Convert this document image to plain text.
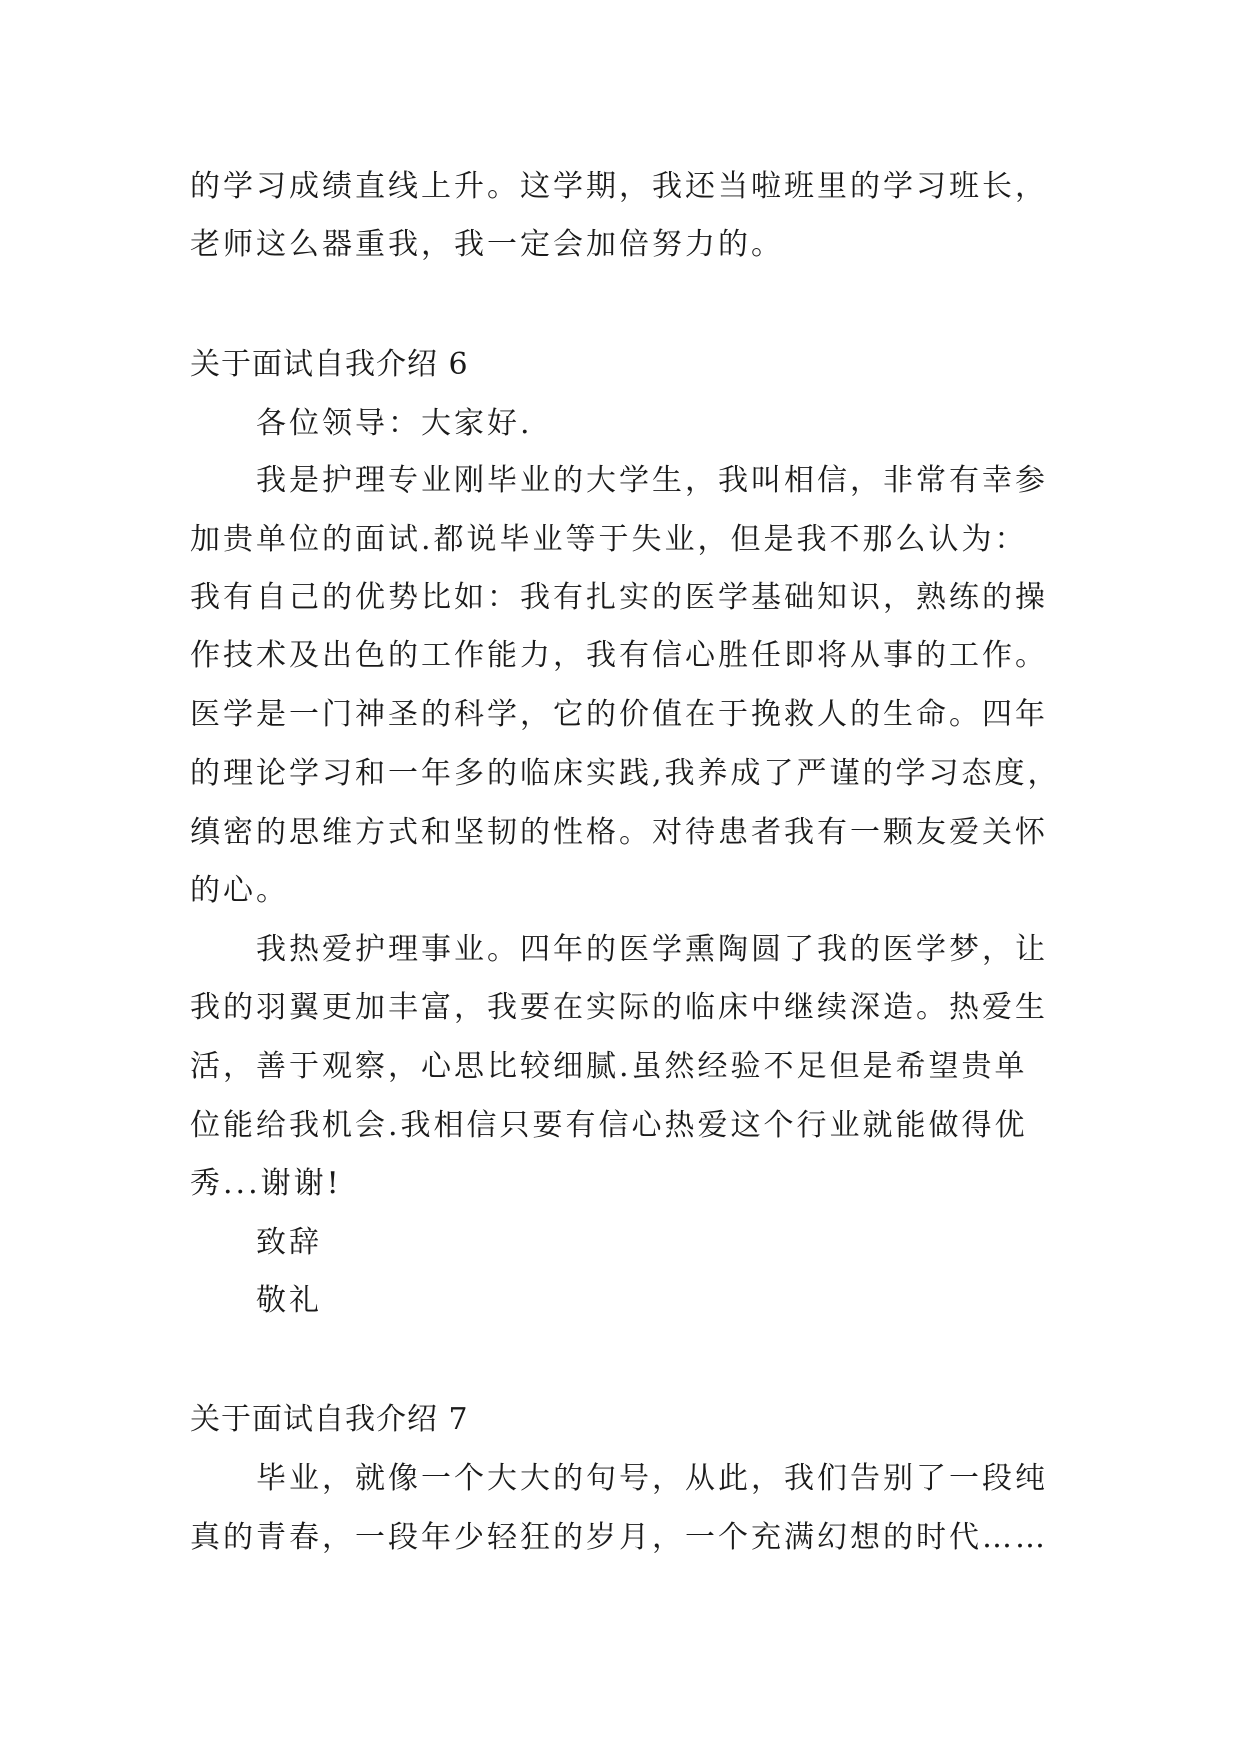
的学习成绩直线上升。这学期，我还当啦班里的学习班长，
老师这么器重我，我一定会加倍努力的。
关于面试自我介绍 6
各位领导：大家好.
我是护理专业刚毕业的大学生，我叫相信，非常有幸参
加贵单位的面试.都说毕业等于失业，但是我不那么认为：
我有自己的优势比如：我有扎实的医学基础知识，熟练的操
作技术及出色的工作能力，我有信心胜任即将从事的工作。
医学是一门神圣的科学，它的价值在于挽救人的生命。四年
的理论学习和一年多的临床实践,我养成了严谨的学习态度，
缜密的思维方式和坚韧的性格。对待患者我有一颗友爱关怀
的心。
我热爱护理事业。四年的医学熏陶圆了我的医学梦，让
我的羽翼更加丰富，我要在实际的临床中继续深造。热爱生
活，善于观察，心思比较细腻.虽然经验不足但是希望贵单
位能给我机会.我相信只要有信心热爱这个行业就能做得优
秀...谢谢!
致辞
敬礼
关于面试自我介绍 7
毕业，就像一个大大的句号，从此，我们告别了一段纯
真的青春，一段年少轻狂的岁月，一个充满幻想的时代……
